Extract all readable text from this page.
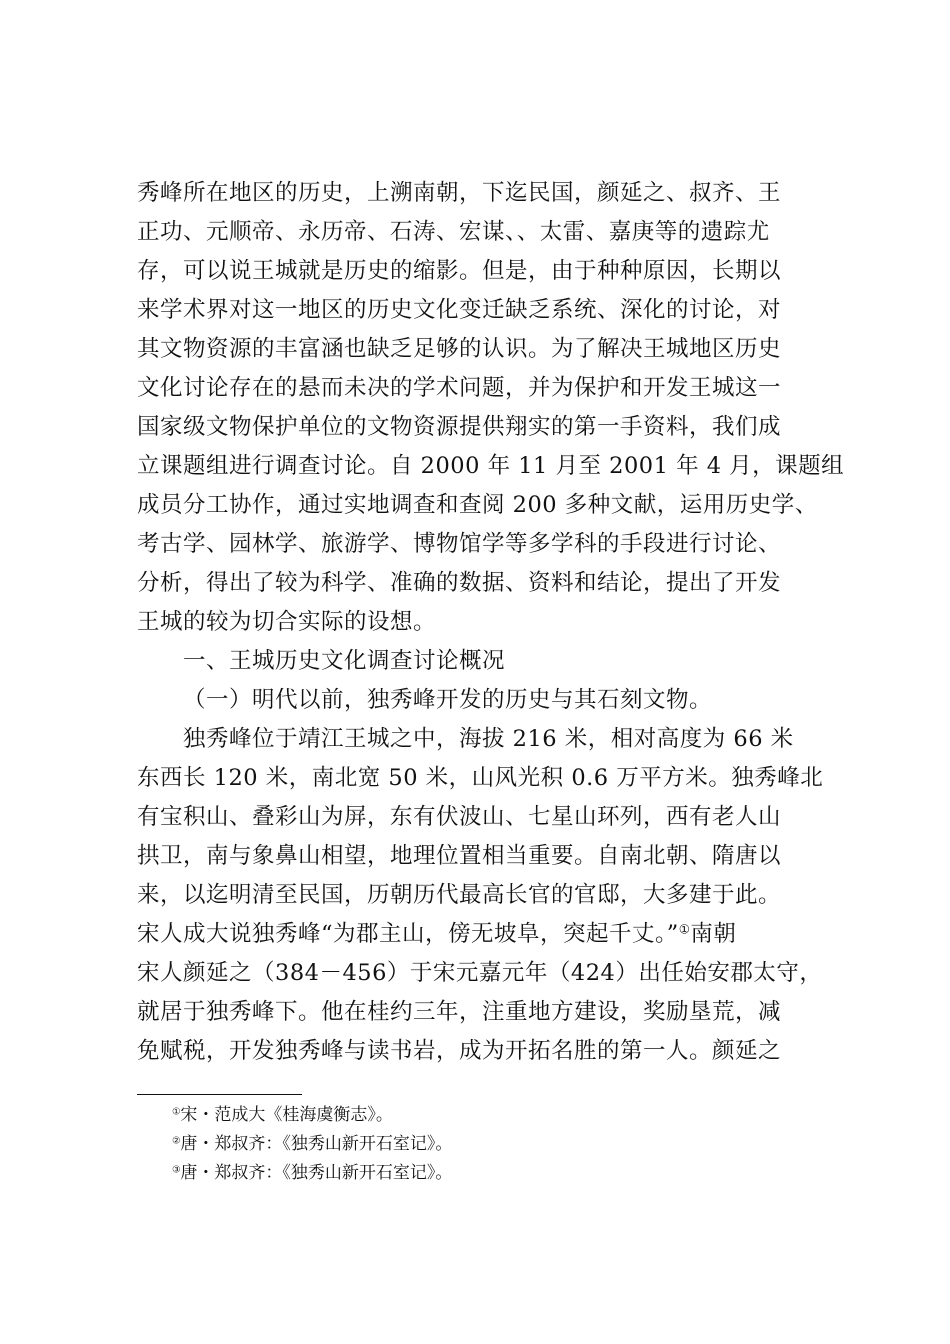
秀峰所在地区的历史，上溯南朝，下迄民国，颜延之、叔齐、王
正功、元顺帝、永历帝、石涛、宏谋、、太雷、嘉庚等的遗踪尤
存，可以说王城就是历史的缩影。但是，由于种种原因，长期以
来学术界对这一地区的历史文化变迁缺乏系统、深化的讨论，对
其文物资源的丰富涵也缺乏足够的认识。为了解决王城地区历史
文化讨论存在的悬而未决的学术问题，并为保护和开发王城这一
国家级文物保护单位的文物资源提供翔实的第一手资料，我们成
立课题组进行调查讨论。自 2000 年 11 月至 2001 年 4 月，课题组
成员分工协作，通过实地调查和查阅 200 多种文献，运用历史学、
考古学、园林学、旅游学、博物馆学等多学科的手段进行讨论、
分析，得出了较为科学、准确的数据、资料和结论，提出了开发
王城的较为切合实际的设想。
一、王城历史文化调查讨论概况
（一）明代以前，独秀峰开发的历史与其石刻文物。
独秀峰位于靖江王城之中，海拔 216 米，相对高度为 66 米
东西长 120 米，南北宽 50 米，山风光积 0.6 万平方米。独秀峰北
有宝积山、叠彩山为屏，东有伏波山、七星山环列，西有老人山
拱卫，南与象鼻山相望，地理位置相当重要。自南北朝、隋唐以
来，以迄明清至民国，历朝历代最高长官的官邸，大多建于此。
宋人成大说独秀峰“为郡主山，傍无坡阜，突起千丈。”①南朝
宋人颜延之（384－456）于宋元嘉元年（424）出任始安郡太守，
就居于独秀峰下。他在桂约三年，注重地方建设，奖励垦荒，减
免赋税，开发独秀峰与读书岩，成为开拓名胜的第一人。颜延之
①宋・范成大《桂海虞衡志》。
②唐・郑叔齐：《独秀山新开石室记》。
③唐・郑叔齐：《独秀山新开石室记》。
